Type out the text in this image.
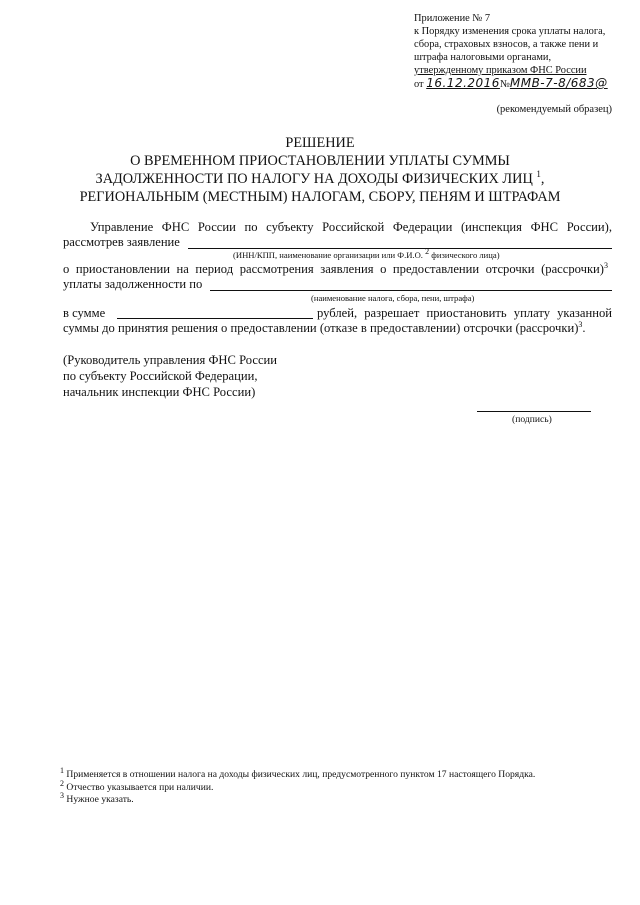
Приложение № 7
к Порядку изменения срока уплаты налога,
сбора, страховых взносов, а также пени и
штрафа налоговыми органами,
утвержденному приказом ФНС России
от 16.12.2016№ММВ-7-8/683@
(рекомендуемый образец)
РЕШЕНИЕ
О ВРЕМЕННОМ ПРИОСТАНОВЛЕНИИ УПЛАТЫ СУММЫ
ЗАДОЛЖЕННОСТИ ПО НАЛОГУ НА ДОХОДЫ ФИЗИЧЕСКИХ ЛИЦ $^1$,
РЕГИОНАЛЬНЫМ (МЕСТНЫМ) НАЛОГАМ, СБОРУ, ПЕНЯМ И ШТРАФАМ
Управление ФНС России по субъекту Российской Федерации (инспекция ФНС России),
рассмотрев заявление
(ИНН/КПП, наименование организации или Ф.И.О. $^2$ физического лица)
о приостановлении на период рассмотрения заявления о предоставлении отсрочки (рассрочки)$^3$
уплаты задолженности по
(наименование налога, сбора, пени, штрафа)
в сумме	рублей, разрешает приостановить уплату указанной
суммы до принятия решения о предоставлении (отказе в предоставлении) отсрочки (рассрочки)$^3$.
(Руководитель управления ФНС России
по субъекту Российской Федерации,
начальник инспекции ФНС России)
(подпись)
$^1$ Применяется в отношении налога на доходы физических лиц, предусмотренного пунктом 17 настоящего Порядка.
$^2$ Отчество указывается при наличии.
$^3$ Нужное указать.
